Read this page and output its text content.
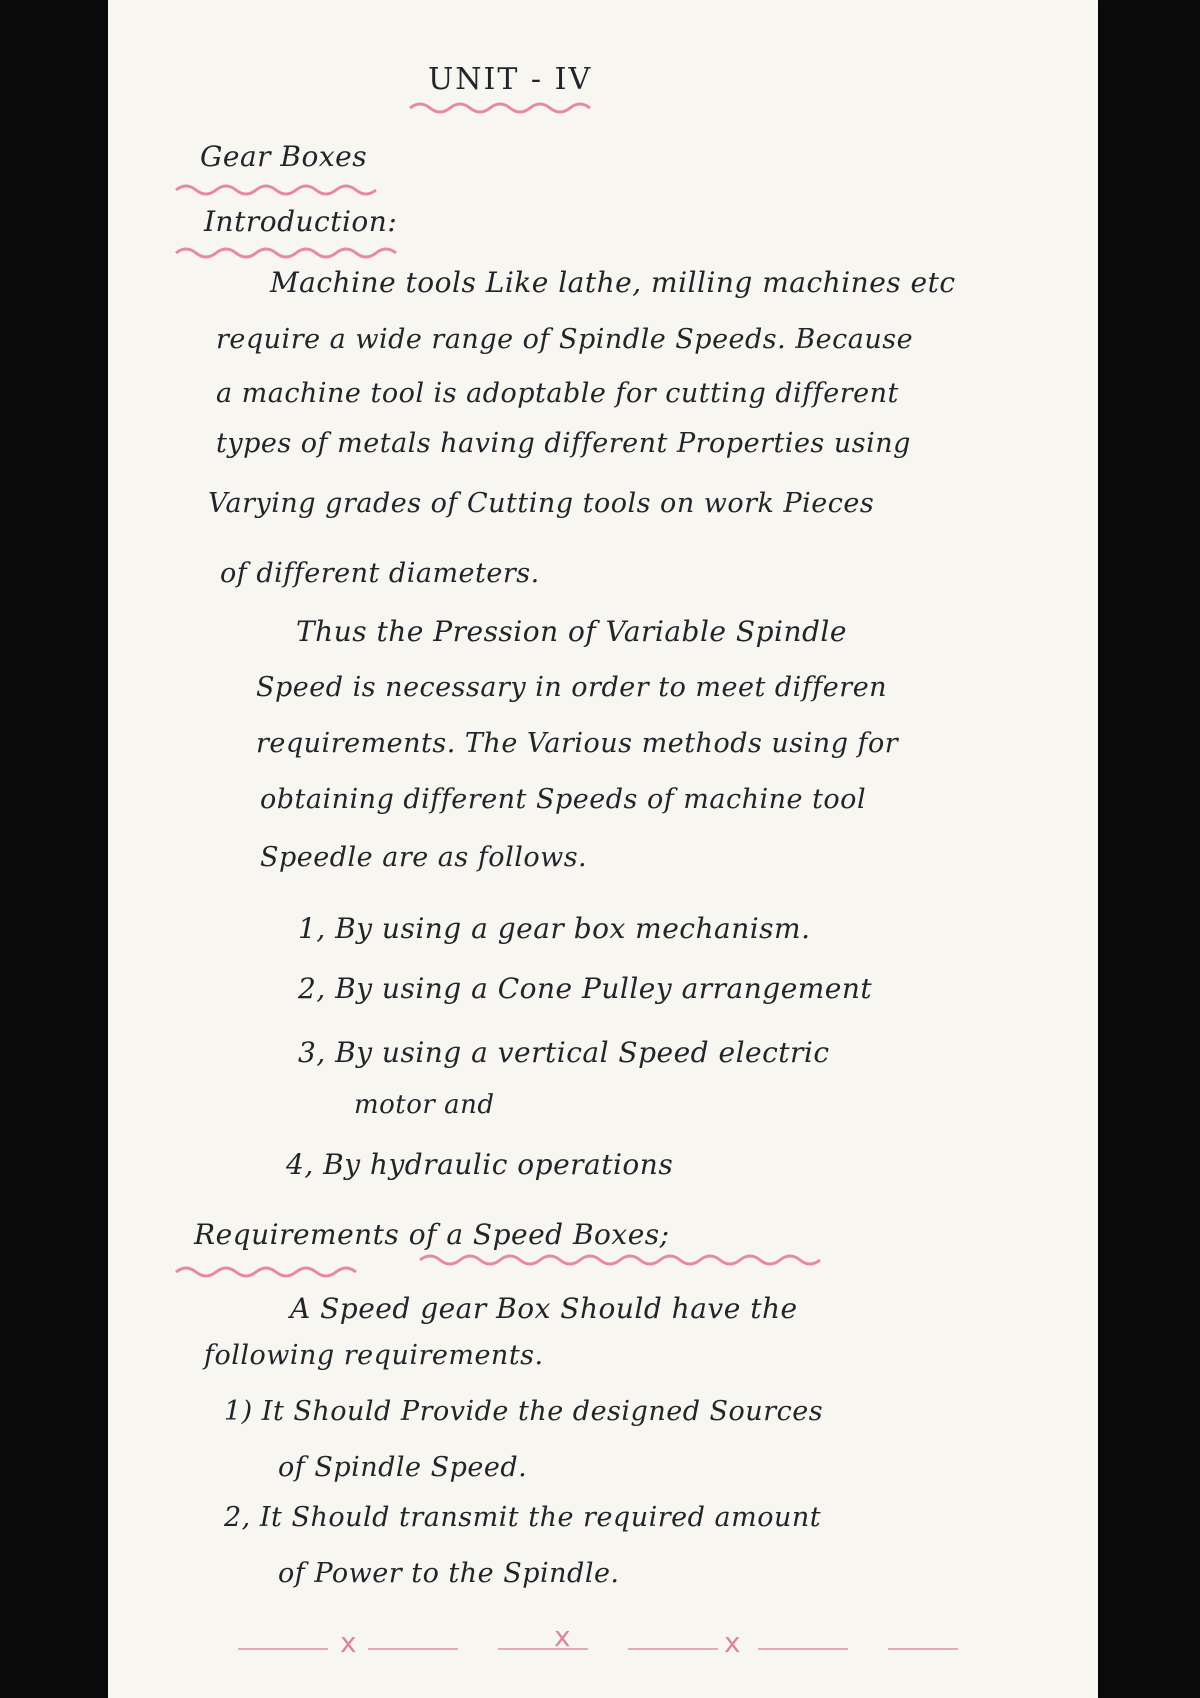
UNIT - IV
Gear Boxes
Introduction:
Machine tools Like lathe, milling machines etc
require a wide range of Spindle Speeds. Because
a machine tool is adoptable for cutting different
types of metals having different Properties using
Varying grades of Cutting tools on work Pieces
of different diameters.
Thus the Pression of Variable Spindle
Speed is necessary in order to meet differen
requirements. The Various methods using for
obtaining different Speeds of machine tool
Speedle are as follows.
1, By using a gear box mechanism.
2, By using a Cone Pulley arrangement
3, By using a vertical Speed electric
motor and
4, By hydraulic operations
Requirements of a Speed Boxes;
A Speed gear Box Should have the
following requirements.
1) It Should Provide the designed Sources
of Spindle Speed.
2, It Should transmit the required amount
of Power to the Spindle.
x	x	x
